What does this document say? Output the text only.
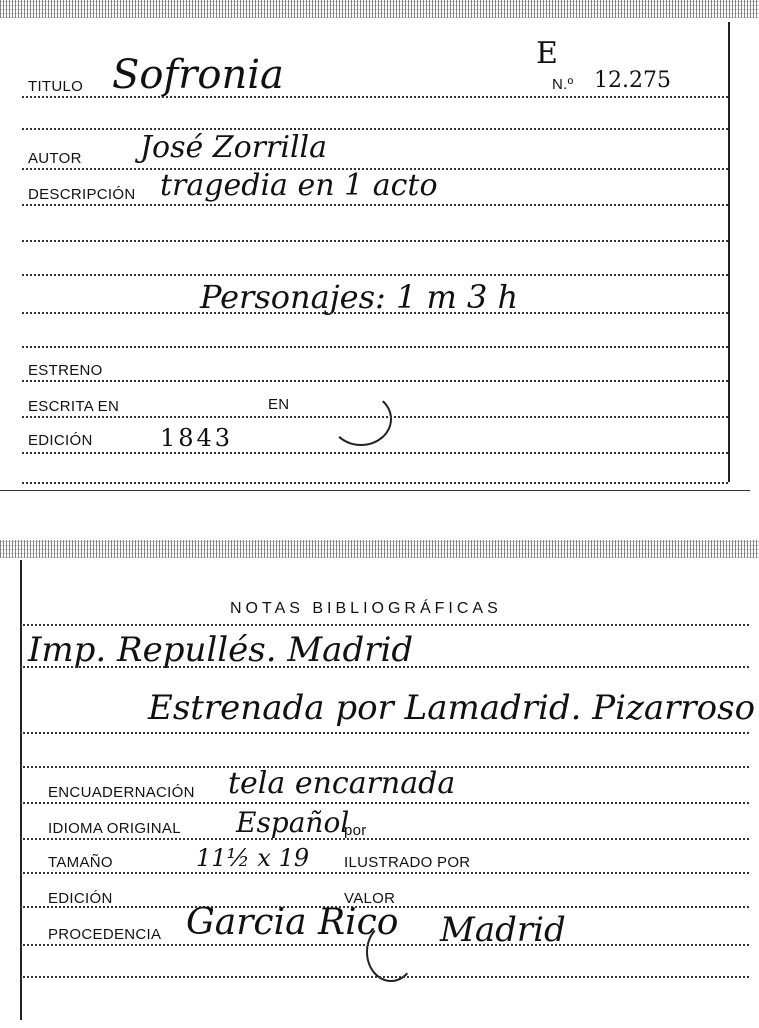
E
TITULO Sofronia	N.º 12.275
AUTOR José Zorrilla
DESCRIPCIÓN tragedia en 1 acto
Personajes: 1 m 3 h
ESTRENO
ESCRITA EN	EN
EDICIÓN	1843
NOTAS BIBLIOGRÁFICAS
Imp. Repullés. Madrid
Estrenada por Lamadrid. Pizarroso
ENCUADERNACIÓN tela encarnada
IDIOMA ORIGINAL Español
por
TAMAÑO	11½ x 19 ILUSTRADO POR
EDICIÓN	VALOR
PROCEDENCIA Garcia Rico Madrid
